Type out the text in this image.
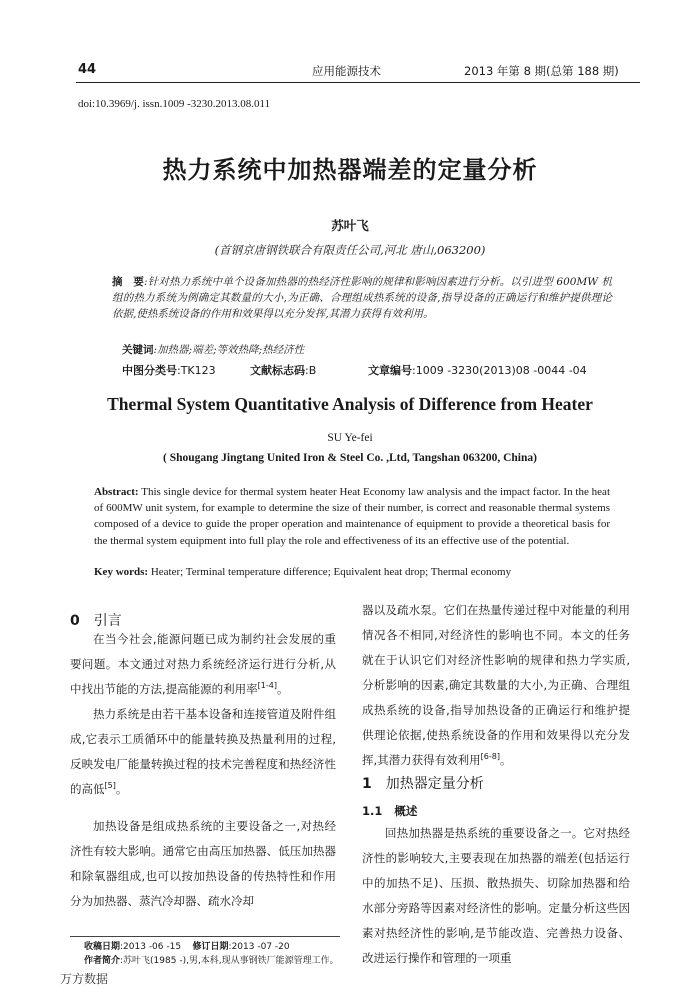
44	应用能源技术	2013 年第 8 期(总第 188 期)
doi:10.3969/j. issn.1009 -3230.2013.08.011
热力系统中加热器端差的定量分析
苏叶飞
(首钢京唐钢铁联合有限责任公司,河北 唐山,063200)
摘　要:针对热力系统中单个设备加热器的热经济性影响的规律和影响因素进行分析。以引进型 600MW 机组的热力系统为例确定其数量的大小,为正确、合理组成热系统的设备,指导设备的正确运行和维护提供理论依据,使热系统设备的作用和效果得以充分发挥,其潜力获得有效利用。
关键词:加热器;端差;等效热降;热经济性
中图分类号:TK123	文献标志码:B	文章编号:1009 -3230(2013)08 -0044 -04
Thermal System Quantitative Analysis of Difference from Heater
SU Ye-fei
( Shougang Jingtang United Iron & Steel Co. ,Ltd, Tangshan 063200, China)
Abstract: This single device for thermal system heater Heat Economy law analysis and the impact factor. In the heat of 600MW unit system, for example to determine the size of their number, is correct and reasonable thermal systems composed of a device to guide the proper operation and maintenance of equipment to provide a theoretical basis for the thermal system equipment into full play the role and effectiveness of its an effective use of the potential.
Key words: Heater; Terminal temperature difference; Equivalent heat drop; Thermal economy
0 引言

在当今社会,能源问题已成为制约社会发展的重要问题。本文通过对热力系统经济运行进行分析,从中找出节能的方法,提高能源的利用率[1-4]。

热力系统是由若干基本设备和连接管道及附件组成,它表示工质循环中的能量转换及热量利用的过程,反映发电厂能量转换过程的技术完善程度和热经济性的高低[5]。

加热设备是组成热系统的主要设备之一,对热经济性有较大影响。通常它由高压加热器、低压加热器和除氧器组成,也可以按加热设备的传热特性和作用分为加热器、蒸汽冷却器、疏水冷却

器以及疏水泵。它们在热量传递过程中对能量的利用情况各不相同,对经济性的影响也不同。本文的任务就在于认识它们对经济性影响的规律和热力学实质,分析影响的因素,确定其数量的大小,为正确、合理组成热系统的设备,指导加热设备的正确运行和维护提供理论依据,使热系统设备的作用和效果得以充分发挥,其潜力获得有效利用[6-8]。

1 加热器定量分析
1.1 概述

回热加热器是热系统的重要设备之一。它对热经济性的影响较大,主要表现在加热器的端差(包括运行中的加热不足)、压损、散热损失、切除加热器和给水部分旁路等因素对经济性的影响。定量分析这些因素对热经济性的影响,是节能改造、完善热力设备、改进运行操作和管理的一项重

收稿日期:2013 -06 -15 修订日期:2013 -07 -20
作者简介:苏叶飞(1985 -),男,本科,现从事钢铁厂能源管理工作。
万方数据
